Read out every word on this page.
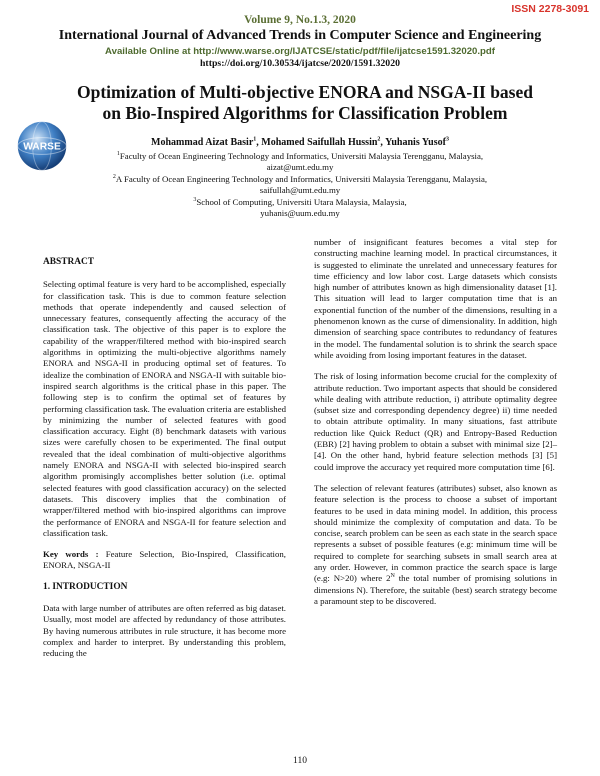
ISSN 2278-3091
Volume 9, No.1.3, 2020
International Journal of Advanced Trends in Computer Science and Engineering
Available Online at http://www.warse.org/IJATCSE/static/pdf/file/ijatcse1591.32020.pdf
https://doi.org/10.30534/ijatcse/2020/1591.32020
WARSE
Optimization of Multi-objective ENORA and NSGA-II based on Bio-Inspired Algorithms for Classification Problem
Mohammad Aizat Basir$^1$, Mohamed Saifullah Hussin$^2$, Yuhanis Yusof$^3$

$^1$Faculty of Ocean Engineering Technology and Informatics, Universiti Malaysia Terengganu, Malaysia,

aizat@umt.edu.my

$^2$A Faculty of Ocean Engineering Technology and Informatics, Universiti Malaysia Terengganu, Malaysia,

saifullah@umt.edu.my

$^3$School of Computing, Universiti Utara Malaysia, Malaysia,

yuhanis@uum.edu.my

ABSTRACT

Selecting optimal feature is very hard to be accomplished, especially for classification task. This is due to common feature selection methods that operate independently and caused selection of unnecessary features, consequently affecting the accuracy of the classification task. The objective of this paper is to explore the capability of the wrapper/filtered method with bio-inspired search algorithms in optimizing the multi-objective algorithms namely ENORA and NSGA-II in producing optimal set of features. To idealize the combination of ENORA and NSGA-II with suitable bio-inspired search algorithms is the critical phase in this paper. The following step is to confirm the optimal set of features by performing classification task. The evaluation criteria are established by minimizing the number of selected features with good classification accuracy. Eight (8) benchmark datasets with various sizes were carefully chosen to be experimented. The final output revealed that the ideal combination of multi-objective algorithms namely ENORA and NSGA-II with selected bio-inspired search algorithm promisingly accomplishes better solution (i.e. optimal selected features with good classification accuracy) on the selected datasets. This discovery implies that the combination of wrapper/filtered method with bio-inspired algorithms can improve the performance of ENORA and NSGA-II for feature selection and classification task.

Key words : Feature Selection, Bio-Inspired, Classification, ENORA, NSGA-II

1. INTRODUCTION

Data with large number of attributes are often referred as big dataset. Usually, most model are affected by redundancy of those attributes. By having numerous attributes in rule structure, it has become more complex and harder to interpret. By understanding this problem, reducing the

number of insignificant features becomes a vital step for constructing machine learning model. In practical circumstances, it is suggested to eliminate the unrelated and unnecessary features for time efficiency and low labor cost. Large datasets which consists high number of attributes known as high dimensionality dataset [1]. This situation will lead to larger computation time that is an exponential function of the number of the dimensions, resulting in a phenomenon known as the curse of dimensionality. In addition, high dimension of searching space contributes to redundancy of features in the model. The fundamental solution is to shrink the search space while avoiding from losing important features in the dataset.

The risk of losing information become crucial for the complexity of attribute reduction. Two important aspects that should be considered while dealing with attribute reduction, i) attribute optimality degree (subset size and corresponding dependency degree) ii) time needed to obtain attribute optimality. In many situations, fast attribute reduction like Quick Reduct (QR) and Entropy-Based Reduction (EBR) [2] having problem to obtain a subset with minimal size [2]–[4]. On the other hand, hybrid feature selection methods [3] [5] could improve the accuracy yet required more computation time [6].

The selection of relevant features (attributes) subset, also known as feature selection is the process to choose a subset of important features to be used in data mining model. In addition, this process should minimize the complexity of computation and data. To be concise, search problem can be seen as each state in the search space represents a subset of possible features (e.g: minimum time will be required to complete for searching subsets in small search area at any order. However, in common practice the search space is large (e.g: N>20) where $2^N$ the total number of promising solutions in dimensions N). Therefore, the suitable (best) search strategy become a paramount step to be discovered.

110
